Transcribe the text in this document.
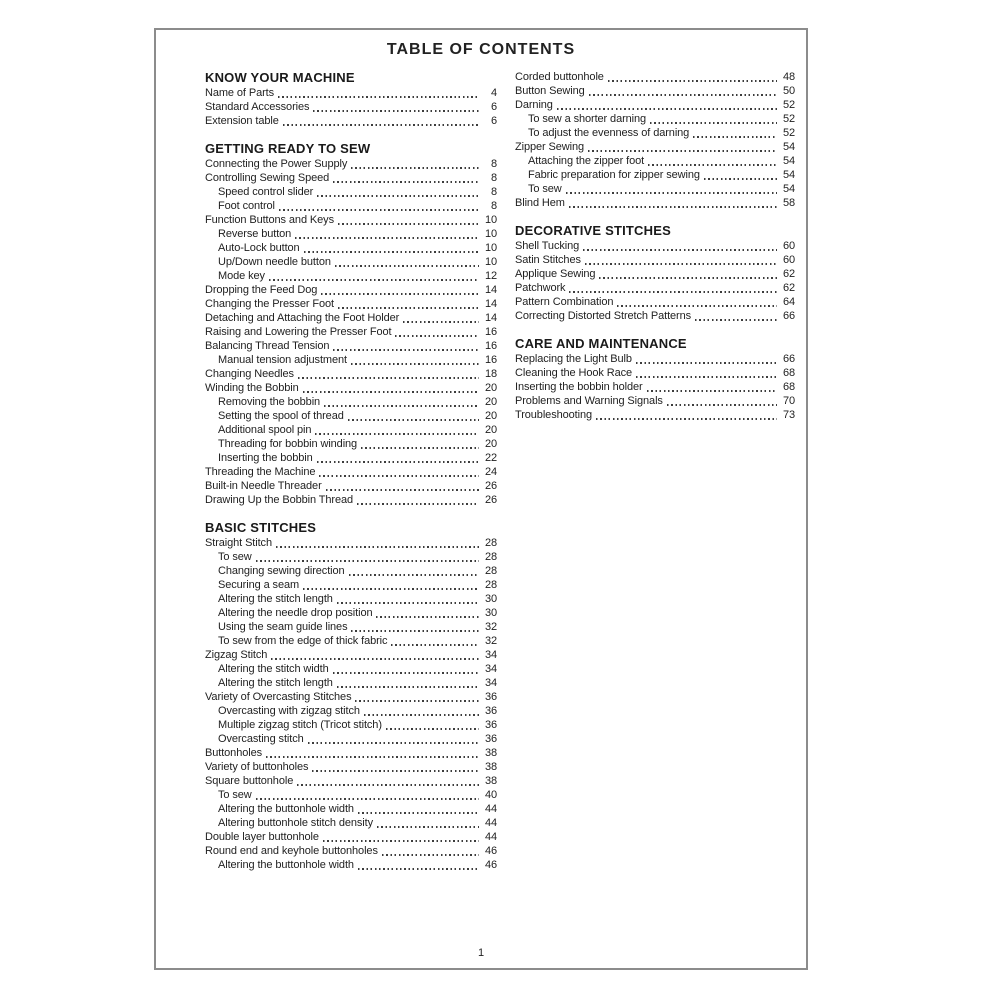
TABLE OF CONTENTS
KNOW YOUR MACHINE
Name of Parts	4
Standard Accessories	6
Extension table	6
GETTING READY TO SEW
Connecting the Power Supply	8
Controlling Sewing Speed	8
Speed control slider	8
Foot control	8
Function Buttons and Keys	10
Reverse button	10
Auto-Lock button	10
Up/Down needle button	10
Mode key	12
Dropping the Feed Dog	14
Changing the Presser Foot	14
Detaching and Attaching the Foot Holder	14
Raising and Lowering the Presser Foot	16
Balancing Thread Tension	16
Manual tension adjustment	16
Changing Needles	18
Winding the Bobbin	20
Removing the bobbin	20
Setting the spool of thread	20
Additional spool pin	20
Threading for bobbin winding	20
Inserting the bobbin	22
Threading the Machine	24
Built-in Needle Threader	26
Drawing Up the Bobbin Thread	26
BASIC STITCHES
Straight Stitch	28
To sew	28
Changing sewing direction	28
Securing a seam	28
Altering the stitch length	30
Altering the needle drop position	30
Using the seam guide lines	32
To sew from the edge of thick fabric	32
Zigzag Stitch	34
Altering the stitch width	34
Altering the stitch length	34
Variety of Overcasting Stitches	36
Overcasting with zigzag stitch	36
Multiple zigzag stitch (Tricot stitch)	36
Overcasting stitch	36
Buttonholes	38
Variety of buttonholes	38
Square buttonhole	38
To sew	40
Altering the buttonhole width	44
Altering buttonhole stitch density	44
Double layer buttonhole	44
Round end and keyhole buttonholes	46
Altering the buttonhole width	46
Corded buttonhole	48
Button Sewing	50
Darning	52
To sew a shorter darning	52
To adjust the evenness of darning	52
Zipper Sewing	54
Attaching the zipper foot	54
Fabric preparation for zipper sewing	54
To sew	54
Blind Hem	58
DECORATIVE STITCHES
Shell Tucking	60
Satin Stitches	60
Applique Sewing	62
Patchwork	62
Pattern Combination	64
Correcting Distorted Stretch Patterns	66
CARE AND MAINTENANCE
Replacing the Light Bulb	66
Cleaning the Hook Race	68
Inserting the bobbin holder	68
Problems and Warning Signals	70
Troubleshooting	73
1
